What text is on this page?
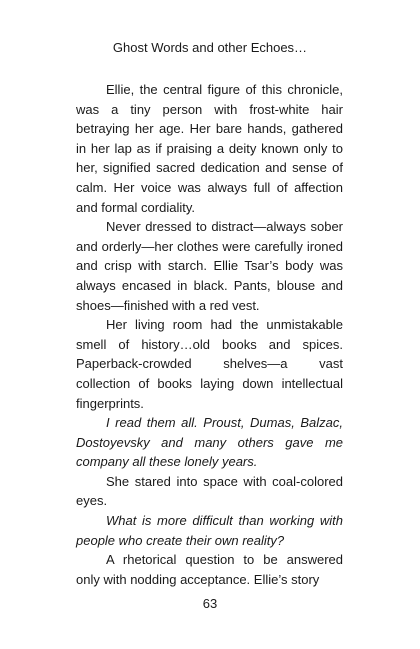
Ghost Words and other Echoes…

Ellie, the central figure of this chronicle, was a tiny person with frost-white hair betraying her age. Her bare hands, gathered in her lap as if praising a deity known only to her, signified sacred dedication and sense of calm. Her voice was always full of affection and formal cordiality.

Never dressed to distract—always sober and orderly—her clothes were carefully ironed and crisp with starch. Ellie Tsar’s body was always encased in black. Pants, blouse and shoes—finished with a red vest.

Her living room had the unmistakable smell of history…old books and spices. Paperback-crowded shelves—a vast collection of books laying down intellectual fingerprints.

I read them all. Proust, Dumas, Balzac, Dostoyevsky and many others gave me company all these lonely years.

She stared into space with coal-colored eyes.

What is more difficult than working with people who create their own reality?

A rhetorical question to be answered only with nodding acceptance. Ellie’s story

63
